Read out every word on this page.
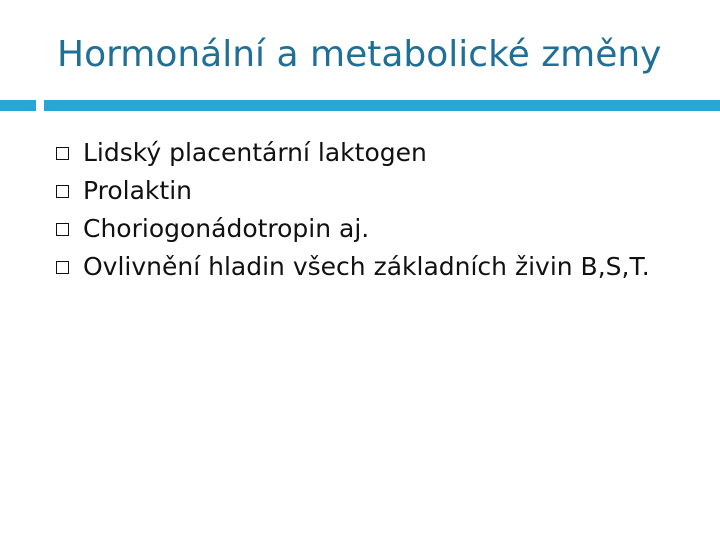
Hormonální a metabolické změny
Lidský placentární laktogen
Prolaktin
Choriogonádotropin aj.
Ovlivnění hladin všech základních živin B,S,T.
